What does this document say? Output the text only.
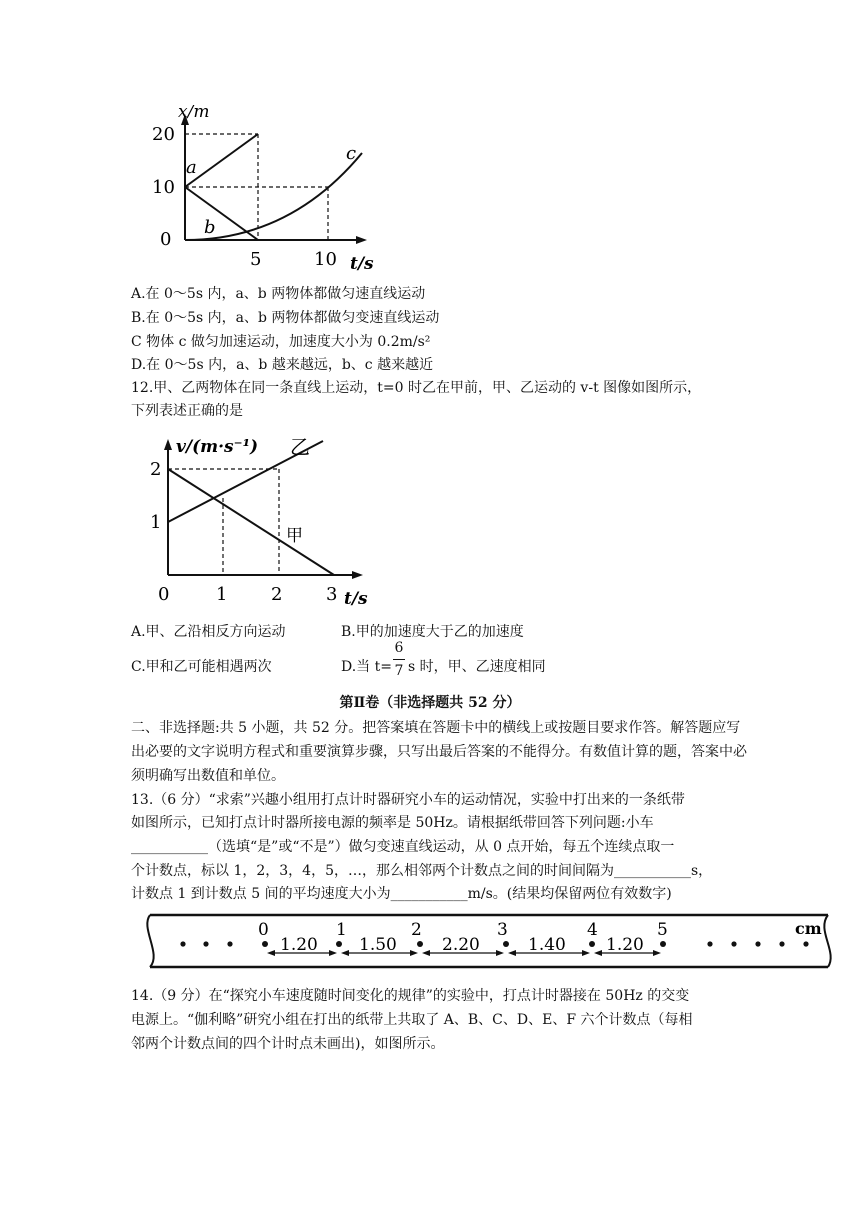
x/m
20
10
0
5	10 t/s
a
b
c
A.在 0～5s 内，a、b 两物体都做匀速直线运动
B.在 0～5s 内，a、b 两物体都做匀变速直线运动
C 物体 c 做匀加速运动，加速度大小为 0.2m/s²
D.在 0～5s 内，a、b 越来越远，b、c 越来越近
12.甲、乙两物体在同一条直线上运动，t=0 时乙在甲前，甲、乙运动的 v-t 图像如图所示，
下列表述正确的是
v/(m·s⁻¹) 乙
甲
2
1
0	1 2 3 t/s
A.甲、乙沿相反方向运动	B.甲的加速度大于乙的加速度
C.甲和乙可能相遇两次	D.当 t=
6
7 s 时，甲、乙速度相同
第Ⅱ卷（非选择题共 52 分）
二、非选择题:共 5 小题，共 52 分。把答案填在答题卡中的横线上或按题目要求作答。解答题应写出必要的文字说明方程式和重要演算步骤，只写出最后答案的不能得分。有数值计算的题，答案中必须明确写出数值和单位。
13.（6 分）“求索”兴趣小组用打点计时器研究小车的运动情况，实验中打出来的一条纸带
如图所示，已知打点计时器所接电源的频率是 50Hz。请根据纸带回答下列问题:小车
___________（选填“是”或“不是”）做匀变速直线运动，从 0 点开始，每五个连续点取一
个计数点，标以 1，2，3，4，5，…，那么相邻两个计数点之间的时间间隔为___________s，
计数点 1 到计数点 5 间的平均速度大小为___________m/s。(结果均保留两位有效数字)
0	1	2	3	4	5	cm
1.20 1.50	2.20	1.40 1.20
14.（9 分）在“探究小车速度随时间变化的规律”的实验中，打点计时器接在 50Hz 的交变
电源上。“伽利略”研究小组在打出的纸带上共取了 A、B、C、D、E、F 六个计数点（每相
邻两个计数点间的四个计时点未画出)，如图所示。
